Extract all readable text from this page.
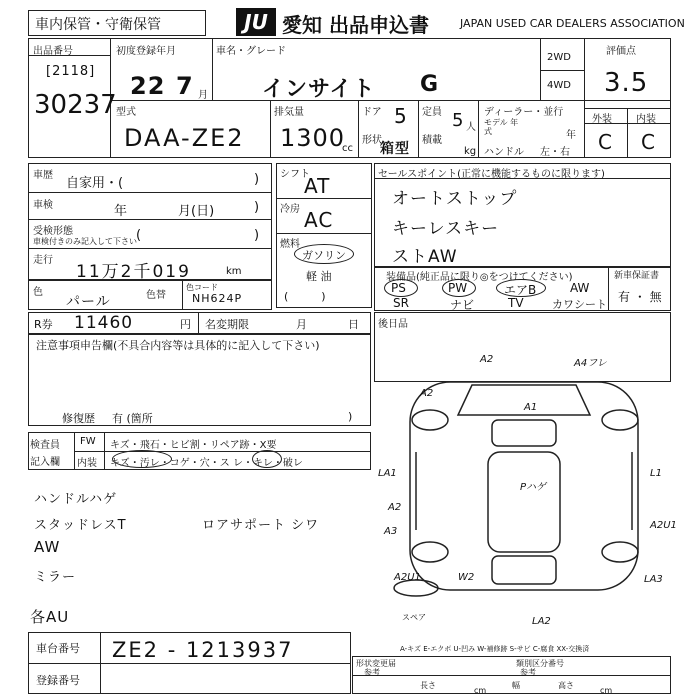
車内保管・守衛保管	JU 愛知 出品申込書	JAPAN USED CAR DEALERS ASSOCIATION
出品番号
[2118]
30237
初度登録年月
22 7 月
車名・グレード
インサイト G
2WD
4WD
評価点
3.5
外装 内装
C C
型式
DAA-ZE2
排気量
1300
cc
ドア 5
形状
箱型
定員 5 人
積載
kg
ディーラー・並行
モデル 年式	年
ハンドル 左・右
車歴
自家用・(	)
車検	年	月(日)	)
受検形態
車検付きのみ記入して下さい (	)
走行
11万2千019	km
色
パール	色替
色コード
NH624P
シフト
AT
冷房 AC
燃料
ガソリン
軽 油
(　　　)
セールスポイント(正常に機能するものに限ります)
オートストップ
キーレスキー
ストAW
装備品(純正品に限り◎をつけてください)
PS	PW	エアB	AW
SR	ナビ	TV	カワシート
新車保証書
有 ・ 無
R券 11460	円 名変期限	月	日 後日品
注意事項申告欄(不具合内容等は具体的に記入して下さい)
修復歴 有 (箇所	)
検査員
記入欄
FW キズ・飛石・ヒビ割・リペア跡・X要
内装 キズ・汚レ・コゲ・穴・ス レ・キレ・破レ
ハンドルハゲ
スタッドレスT	ロアサポート シワ
AW
ミラー
各AU
A2	A4フレ
A2
A1
LA1	L1
Pハゲ
A2
A3
A2U1
A2U1	W2	LA3
LA2
スペア
A-キズ E-エクボ U-凹み W-補修跡 S-サビ C-腐食 XX-交換済
車台番号 ZE2 - 1213937
登録番号
形状変更届
参考
長さ
cm
類別区分番号
参考
幅	高さ
cm
